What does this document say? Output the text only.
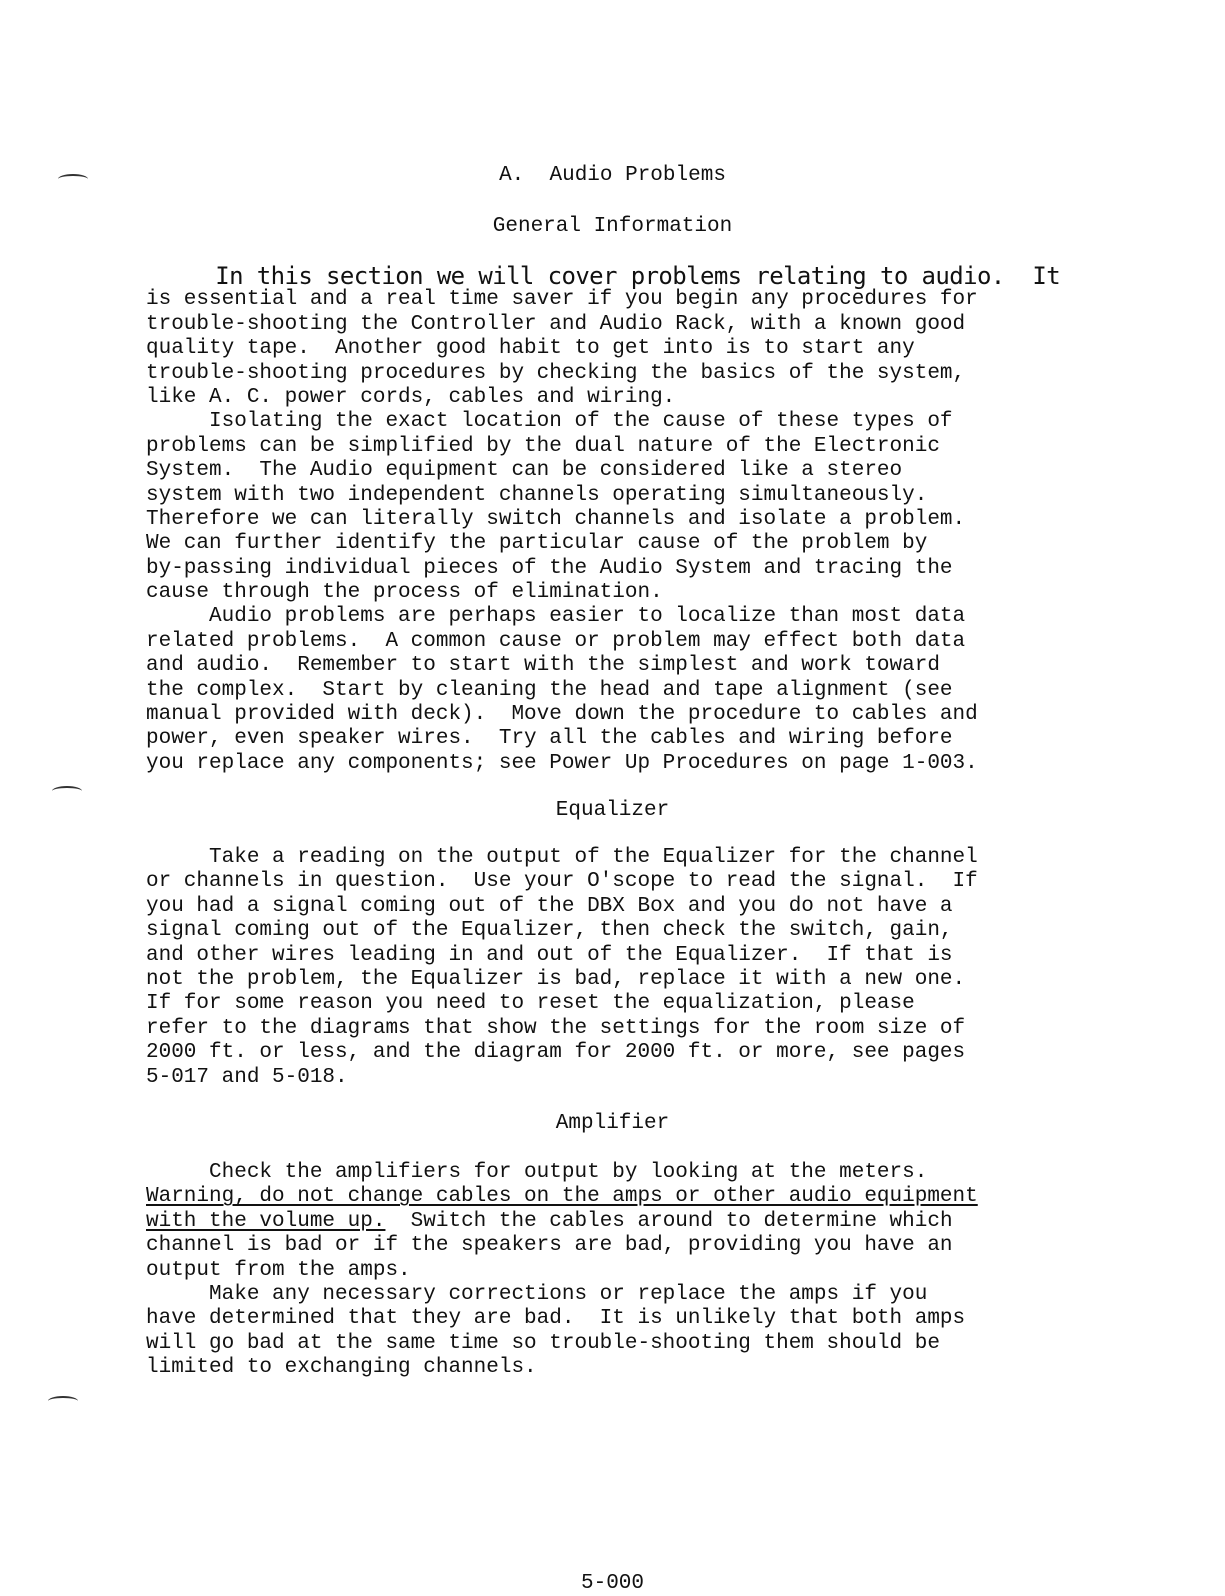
A.  Audio Problems
General Information
In this section we will cover problems relating to audio.  It
is essential and a real time saver if you begin any procedures for
trouble-shooting the Controller and Audio Rack, with a known good
quality tape.  Another good habit to get into is to start any
trouble-shooting procedures by checking the basics of the system,
like A. C. power cords, cables and wiring.
Isolating the exact location of the cause of these types of
problems can be simplified by the dual nature of the Electronic
System.  The Audio equipment can be considered like a stereo
system with two independent channels operating simultaneously.
Therefore we can literally switch channels and isolate a problem.
We can further identify the particular cause of the problem by
by-passing individual pieces of the Audio System and tracing the
cause through the process of elimination.
Audio problems are perhaps easier to localize than most data
related problems.  A common cause or problem may effect both data
and audio.  Remember to start with the simplest and work toward
the complex.  Start by cleaning the head and tape alignment (see
manual provided with deck).  Move down the procedure to cables and
power, even speaker wires.  Try all the cables and wiring before
you replace any components; see Power Up Procedures on page 1-003.
Equalizer
Take a reading on the output of the Equalizer for the channel
or channels in question.  Use your O'scope to read the signal.  If
you had a signal coming out of the DBX Box and you do not have a
signal coming out of the Equalizer, then check the switch, gain,
and other wires leading in and out of the Equalizer.  If that is
not the problem, the Equalizer is bad, replace it with a new one.
If for some reason you need to reset the equalization, please
refer to the diagrams that show the settings for the room size of
2000 ft. or less, and the diagram for 2000 ft. or more, see pages
5-017 and 5-018.
Amplifier
Check the amplifiers for output by looking at the meters.
Warning, do not change cables on the amps or other audio equipment
with the volume up.  Switch the cables around to determine which
channel is bad or if the speakers are bad, providing you have an
output from the amps.
Make any necessary corrections or replace the amps if you
have determined that they are bad.  It is unlikely that both amps
will go bad at the same time so trouble-shooting them should be
limited to exchanging channels.
5-000
